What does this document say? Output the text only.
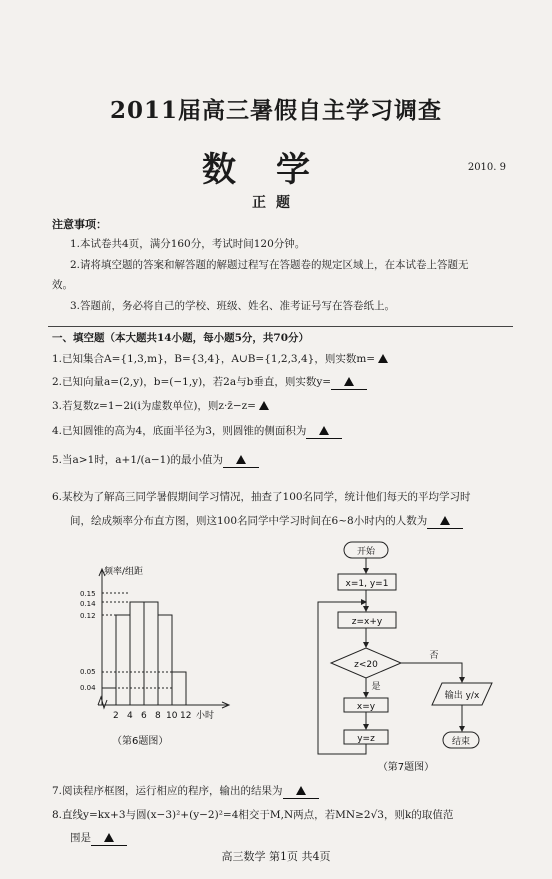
2011届高三暑假自主学习调查
数学	2010. 9
正题
注意事项：
1.本试卷共4页，满分160分，考试时间120分钟。
2.请将填空题的答案和解答题的解题过程写在答题卷的规定区域上，在本试卷上答题无
效。
3.答题前，务必将自己的学校、班级、姓名、准考证号写在答卷纸上。
一、填空题（本大题共14小题，每小题5分，共70分）
1.已知集合A={1,3,m}，B={3,4}，A∪B={1,2,3,4}，则实数m=
2.已知向量a=(2,y)，b=(−1,y)，若2a与b垂直，则实数y=
3.若复数z=1−2i(i为虚数单位)，则z·z̄−z=
4.已知圆锥的高为4，底面半径为3，则圆锥的侧面积为
5.当a>1时，a+1/(a−1)的最小值为
6.某校为了解高三同学暑假期间学习情况，抽查了100名同学，统计他们每天的平均学习时
间，绘成频率分布直方图，则这100名同学中学习时间在6~8小时内的人数为
频率/组距
0.15
0.14
0.12
0.05
0.04
2 4 6 8 10 12 小时
（第6题图）
开始
x=1, y=1
z=x+y
z<20
x=y
y=z
输出 y/x
结束
否
是
（第7题图）
7.阅读程序框图，运行相应的程序，输出的结果为
8.直线y=kx+3与圆(x−3)²+(y−2)²=4相交于M,N两点，若MN≥2√3，则k的取值范
围是
高三数学 第1页 共4页
